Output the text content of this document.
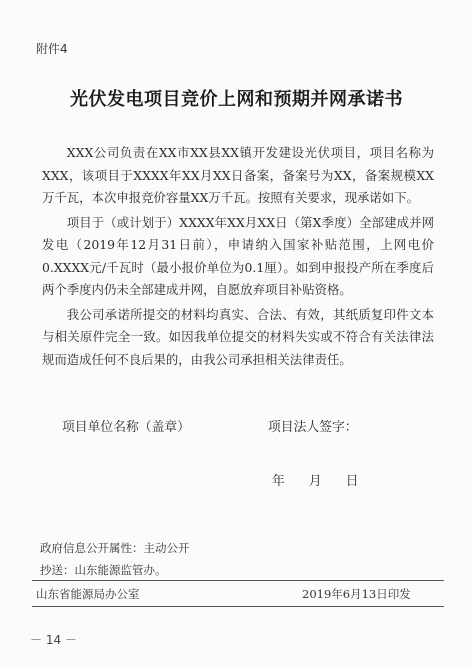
附件4
光伏发电项目竞价上网和预期并网承诺书

XXX公司负责在XX市XX县XX镇开发建设光伏项目，项目名称为XXX，该项目于XXXX年XX月XX日备案，备案号为XX，备案规模XX万千瓦，本次申报竞价容量XX万千瓦。按照有关要求，现承诺如下。

项目于（或计划于）XXXX年XX月XX日（第X季度）全部建成并网发电（2019年12月31日前），申请纳入国家补贴范围，上网电价0.XXXX元/千瓦时（最小报价单位为0.1厘）。如到申报投产所在季度后两个季度内仍未全部建成并网，自愿放弃项目补贴资格。

我公司承诺所提交的材料均真实、合法、有效，其纸质复印件文本与相关原件完全一致。如因我单位提交的材料失实或不符合有关法律法规而造成任何不良后果的，由我公司承担相关法律责任。

项目单位名称（盖章）	项目法人签字：
年 月 日
政府信息公开属性：主动公开
抄送：山东能源监管办。
山东省能源局办公室	2019年6月13日印发
－ 14 －
